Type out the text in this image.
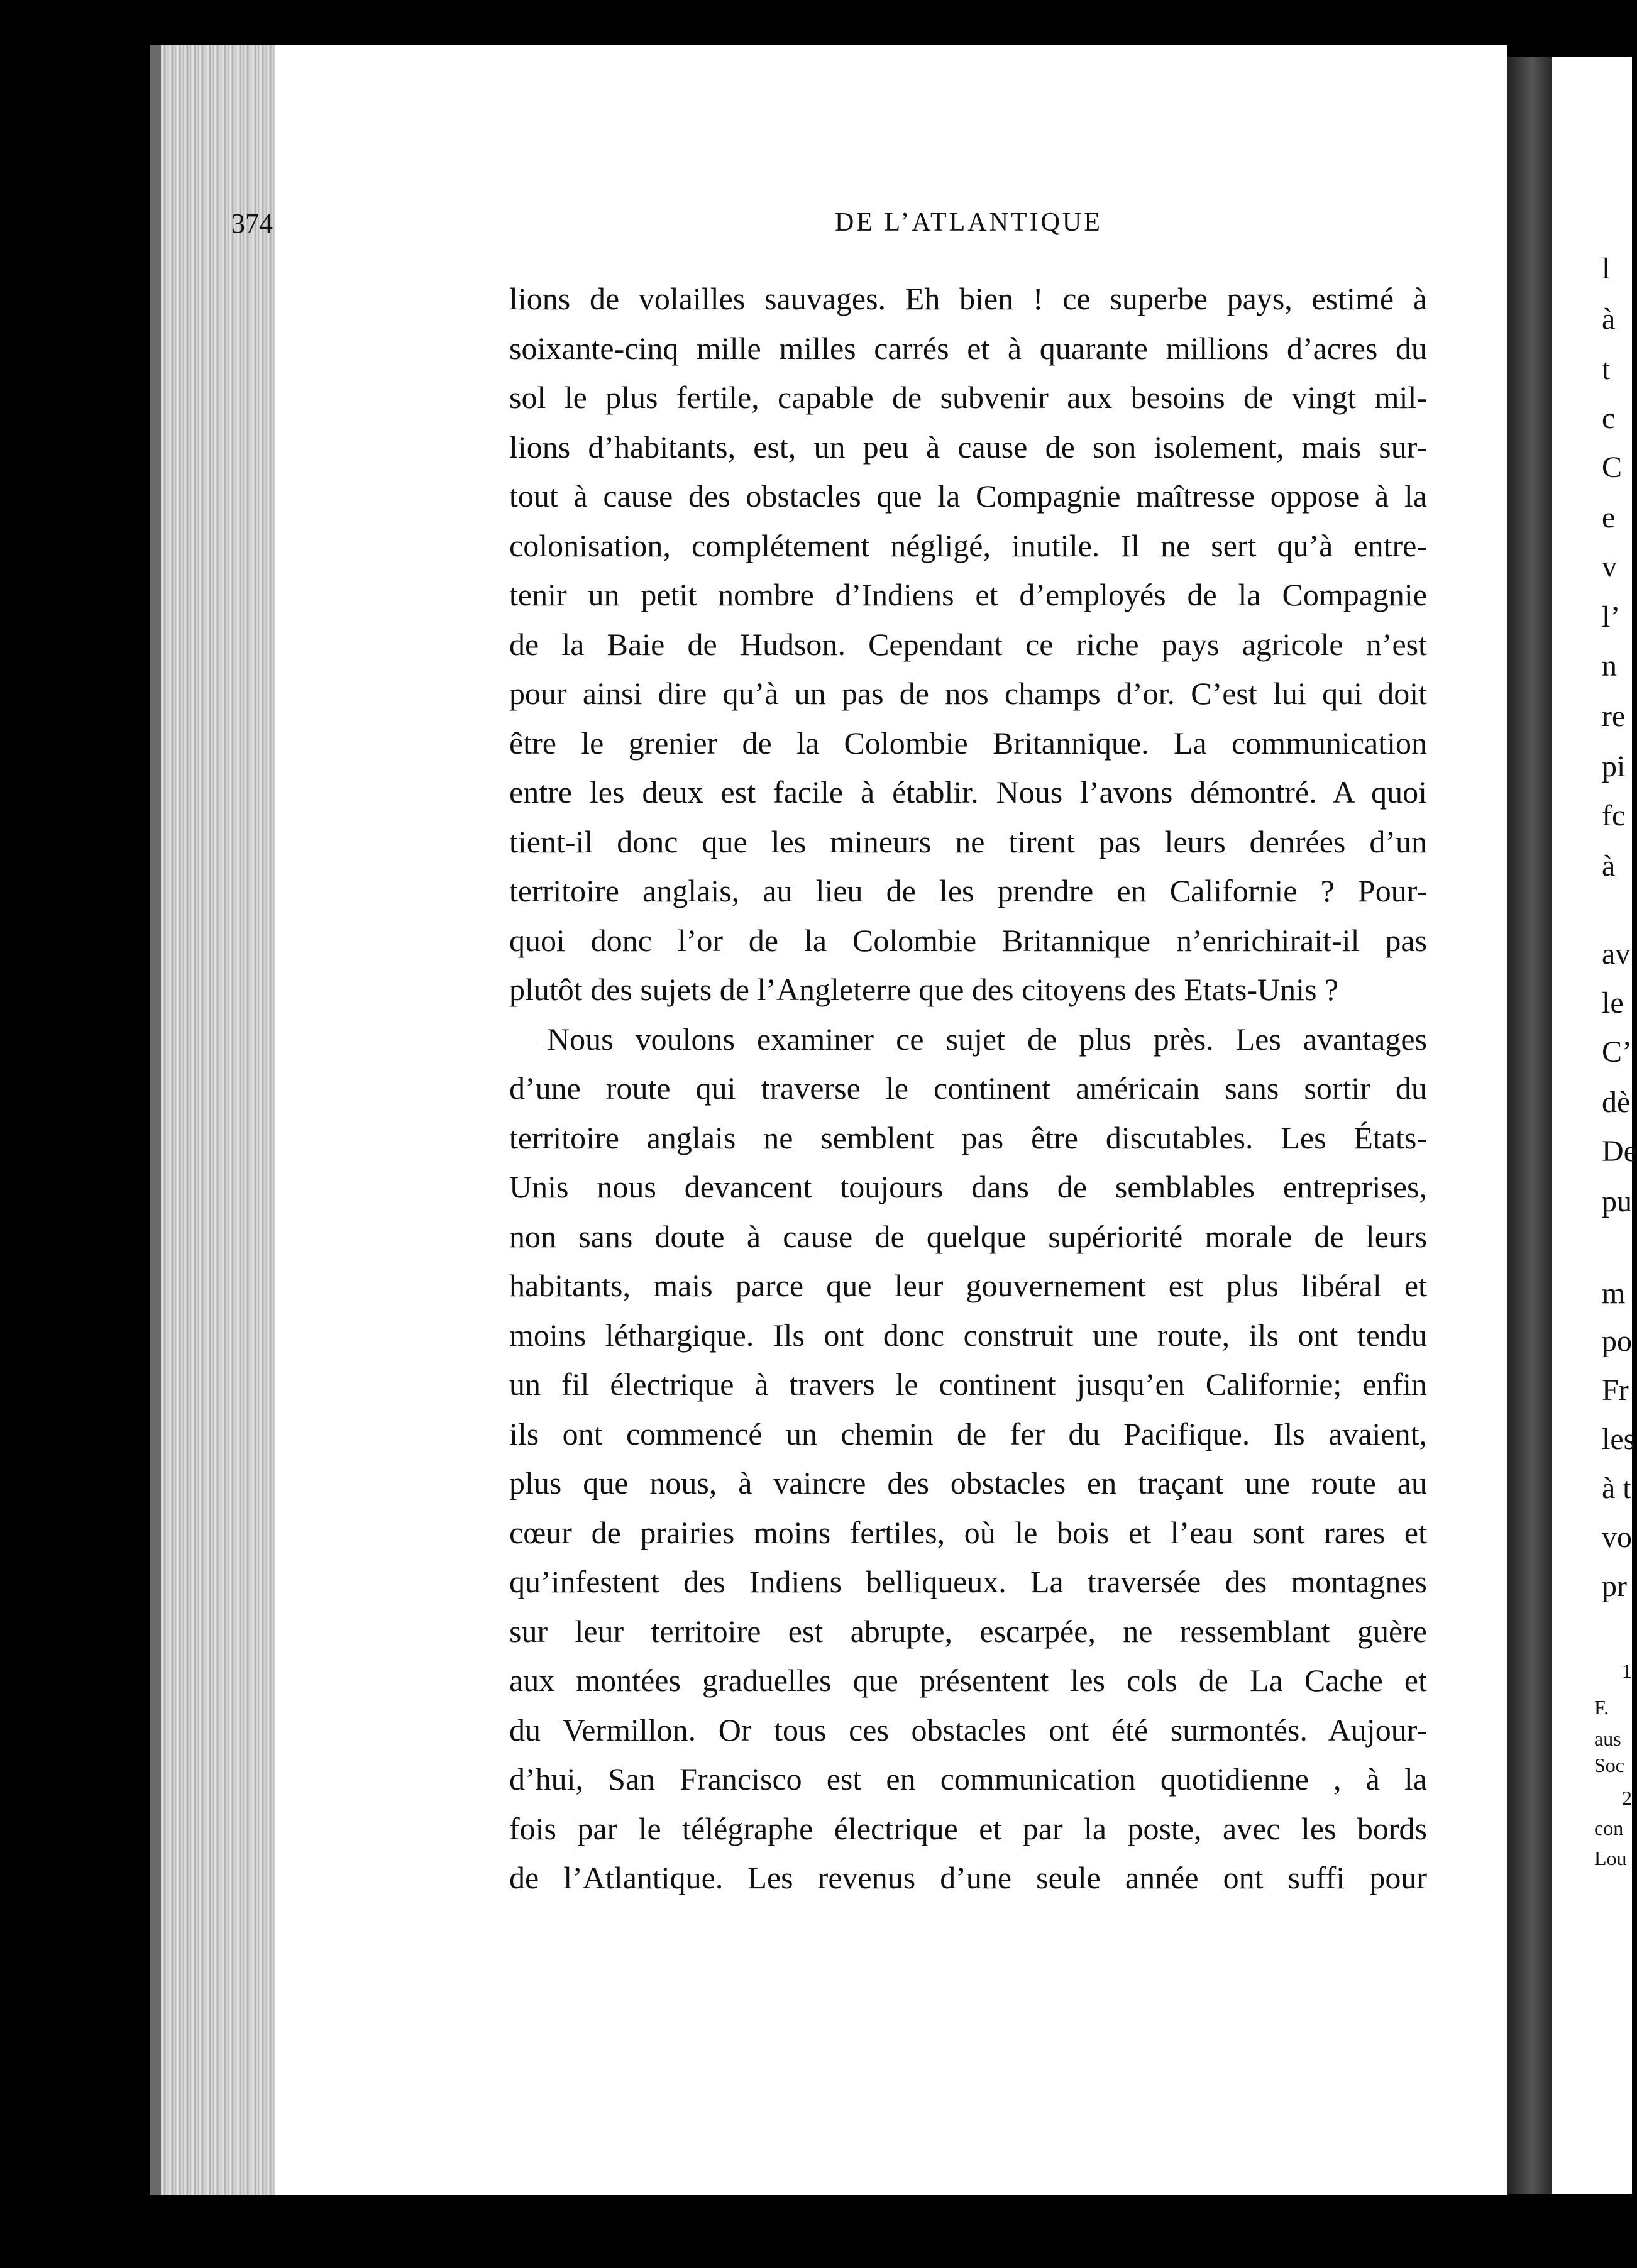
374	DE L’ATLANTIQUE
lions de volailles sauvages. Eh bien ! ce superbe pays, estimé à
soixante-cinq mille milles carrés et à quarante millions d’acres du
sol le plus fertile, capable de subvenir aux besoins de vingt mil-
lions d’habitants, est, un peu à cause de son isolement, mais sur-
tout à cause des obstacles que la Compagnie maîtresse oppose à la
colonisation, complétement négligé, inutile. Il ne sert qu’à entre-
tenir un petit nombre d’Indiens et d’employés de la Compagnie
de la Baie de Hudson. Cependant ce riche pays agricole n’est
pour ainsi dire qu’à un pas de nos champs d’or. C’est lui qui doit
être le grenier de la Colombie Britannique. La communication
entre les deux est facile à établir. Nous l’avons démontré. A quoi
tient-il donc que les mineurs ne tirent pas leurs denrées d’un
territoire anglais, au lieu de les prendre en Californie ? Pour-
quoi donc l’or de la Colombie Britannique n’enrichirait-il pas
plutôt des sujets de l’Angleterre que des citoyens des Etats-Unis ?
Nous voulons examiner ce sujet de plus près. Les avantages
d’une route qui traverse le continent américain sans sortir du
territoire anglais ne semblent pas être discutables. Les États-
Unis nous devancent toujours dans de semblables entreprises,
non sans doute à cause de quelque supériorité morale de leurs
habitants, mais parce que leur gouvernement est plus libéral et
moins léthargique. Ils ont donc construit une route, ils ont tendu
un fil électrique à travers le continent jusqu’en Californie; enfin
ils ont commencé un chemin de fer du Pacifique. Ils avaient,
plus que nous, à vaincre des obstacles en traçant une route au
cœur de prairies moins fertiles, où le bois et l’eau sont rares et
qu’infestent des Indiens belliqueux. La traversée des montagnes
sur leur territoire est abrupte, escarpée, ne ressemblant guère
aux montées graduelles que présentent les cols de La Cache et
du Vermillon. Or tous ces obstacles ont été surmontés. Aujour-
d’hui, San Francisco est en communication quotidienne , à la
fois par le télégraphe électrique et par la poste, avec les bords
de l’Atlantique. Les revenus d’une seule année ont suffi pour
l
à
t
c
C
e
v
l’
n
re
pi
fc
à
av
le
C’
dè
De
pu
m
po
Fr
les
à t
vo
pr
1
F.
aus
Soc
2
con
Lou
